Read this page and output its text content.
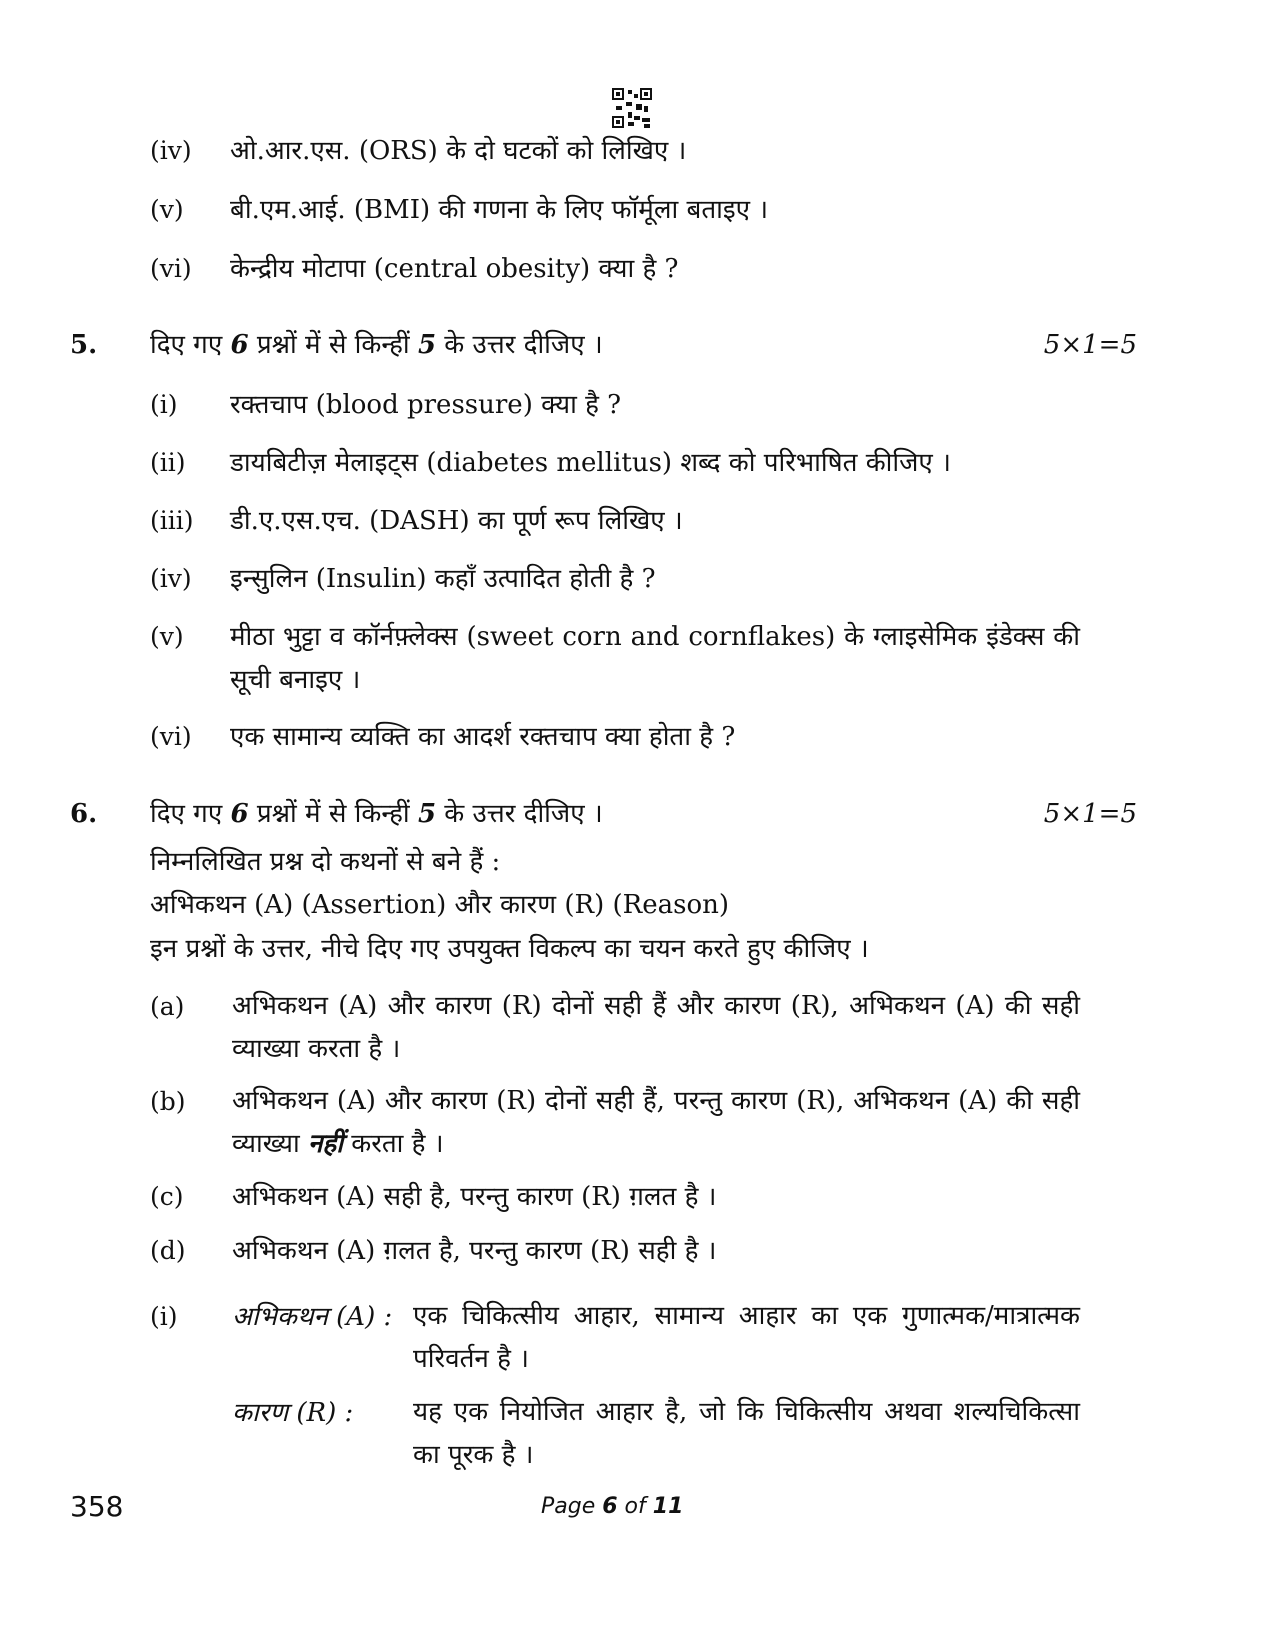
(iv) ओ.आर.एस. (ORS) के दो घटकों को लिखिए ।
(v) बी.एम.आई. (BMI) की गणना के लिए फॉर्मूला बताइए ।
(vi) केन्द्रीय मोटापा (central obesity) क्या है ?
5. दिए गए 6 प्रश्नों में से किन्हीं 5 के उत्तर दीजिए ।	5×1=5
(i) रक्तचाप (blood pressure) क्या है ?
(ii) डायबिटीज़ मेलाइट्स (diabetes mellitus) शब्द को परिभाषित कीजिए ।
(iii) डी.ए.एस.एच. (DASH) का पूर्ण रूप लिखिए ।
(iv) इन्सुलिन (Insulin) कहाँ उत्पादित होती है ?
(v) मीठा भुट्टा व कॉर्नफ़्लेक्स (sweet corn and cornflakes) के ग्लाइसेमिक इंडेक्स की सूची बनाइए ।
(vi) एक सामान्य व्यक्ति का आदर्श रक्तचाप क्या होता है ?
6. दिए गए 6 प्रश्नों में से किन्हीं 5 के उत्तर दीजिए ।	5×1=5
निम्नलिखित प्रश्न दो कथनों से बने हैं :
अभिकथन (A) (Assertion) और कारण (R) (Reason)
इन प्रश्नों के उत्तर, नीचे दिए गए उपयुक्त विकल्प का चयन करते हुए कीजिए ।
(a) अभिकथन (A) और कारण (R) दोनों सही हैं और कारण (R), अभिकथन (A) की सही व्याख्या करता है ।
(b) अभिकथन (A) और कारण (R) दोनों सही हैं, परन्तु कारण (R), अभिकथन (A) की सही व्याख्या नहीं करता है ।
(c) अभिकथन (A) सही है, परन्तु कारण (R) ग़लत है ।
(d) अभिकथन (A) ग़लत है, परन्तु कारण (R) सही है ।
(i) अभिकथन (A) : एक चिकित्सीय आहार, सामान्य आहार का एक गुणात्मक/मात्रात्मक परिवर्तन है ।
कारण (R) : यह एक नियोजित आहार है, जो कि चिकित्सीय अथवा शल्यचिकित्सा का पूरक है ।
358	Page 6 of 11
